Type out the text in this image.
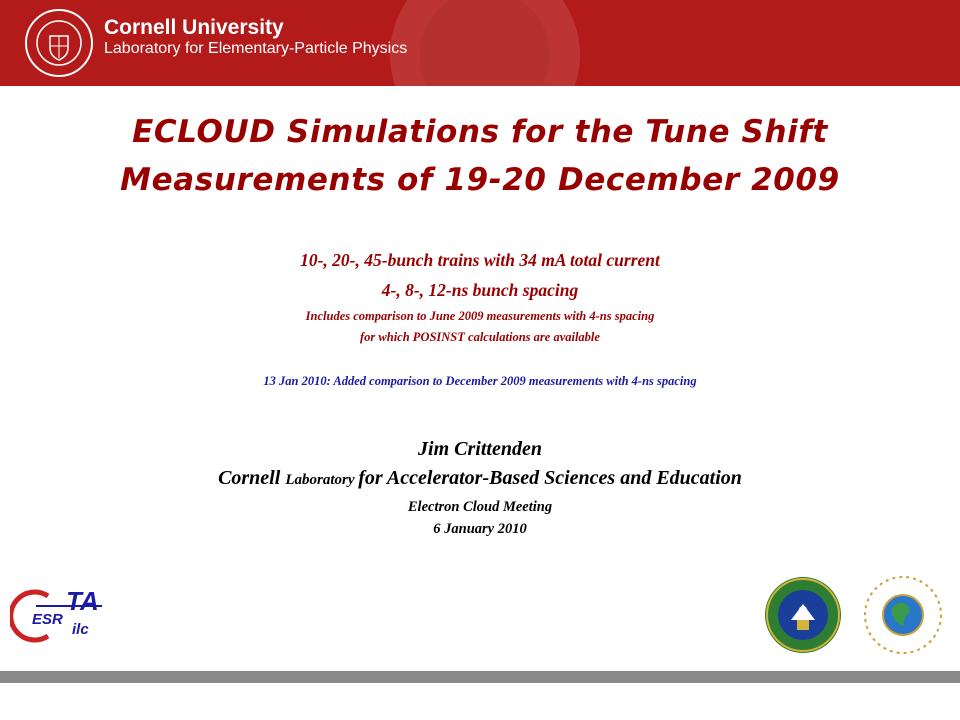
Cornell University
Laboratory for Elementary-Particle Physics
ECLOUD Simulations for the Tune Shift
Measurements of 19-20 December 2009
10-, 20-, 45-bunch trains with 34 mA total current
4-, 8-, 12-ns bunch spacing
Includes comparison to June 2009 measurements with 4-ns spacing
for which POSINST calculations are available
13 Jan 2010: Added comparison to December 2009 measurements with 4-ns spacing
Jim Crittenden
Cornell Laboratory for Accelerator-Based Sciences and Education
Electron Cloud Meeting
6 January 2010
ESR
TA
ilc
